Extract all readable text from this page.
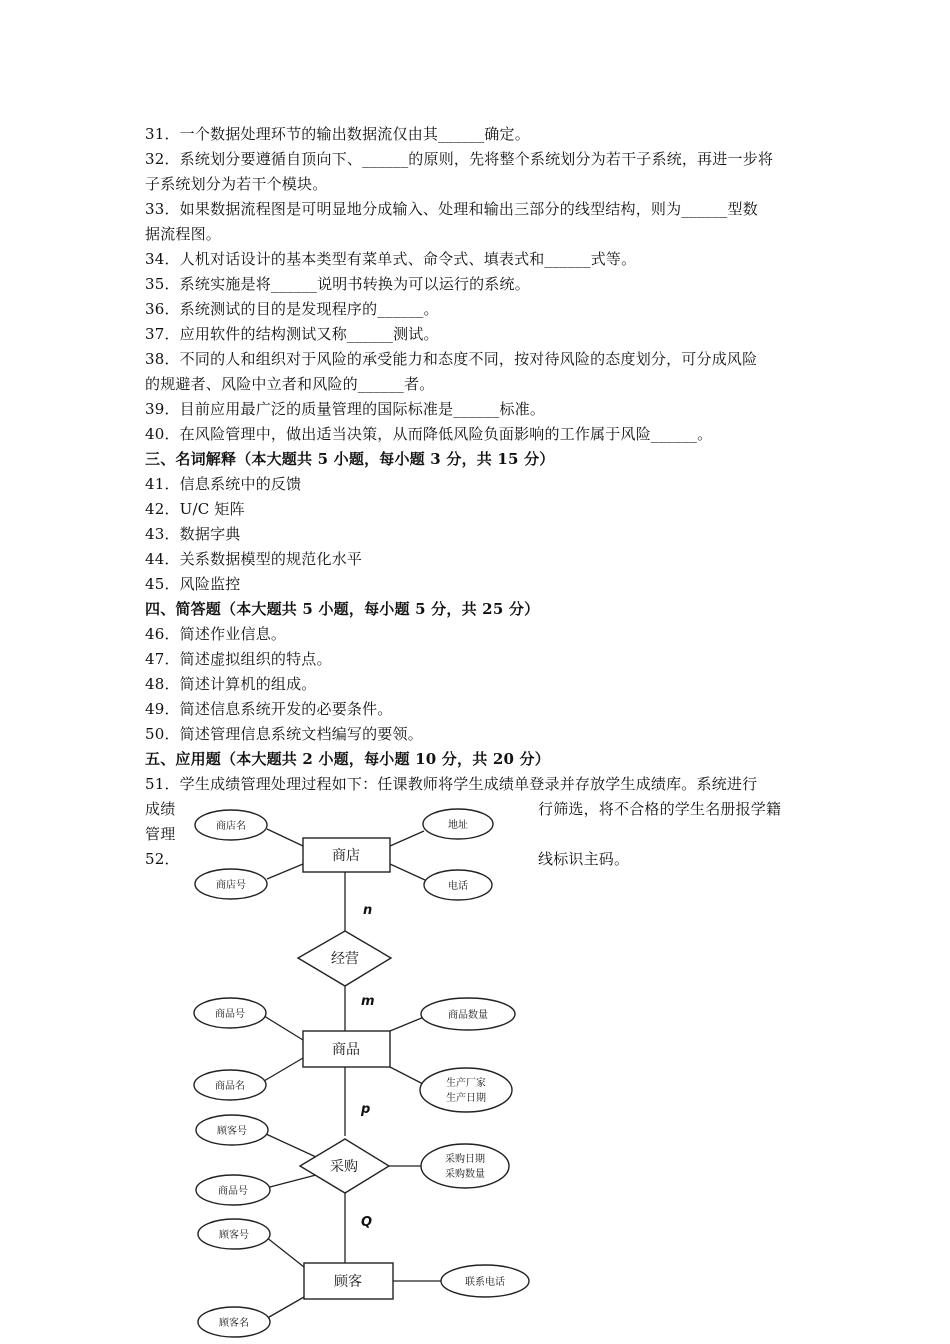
31．一个数据处理环节的输出数据流仅由其______确定。
32．系统划分要遵循自顶向下、______的原则，先将整个系统划分为若干子系统，再进一步将
子系统划分为若干个模块。
33．如果数据流程图是可明显地分成输入、处理和输出三部分的线型结构，则为______型数
据流程图。
34．人机对话设计的基本类型有菜单式、命令式、填表式和______式等。
35．系统实施是将______说明书转换为可以运行的系统。
36．系统测试的目的是发现程序的______。
37．应用软件的结构测试又称______测试。
38．不同的人和组织对于风险的承受能力和态度不同，按对待风险的态度划分，可分成风险
的规避者、风险中立者和风险的______者。
39．目前应用最广泛的质量管理的国际标准是______标准。
40．在风险管理中，做出适当决策，从而降低风险负面影响的工作属于风险______。
三、名词解释（本大题共 5 小题，每小题 3 分，共 15 分）
41．信息系统中的反馈
42．U/C 矩阵
43．数据字典
44．关系数据模型的规范化水平
45．风险监控
四、简答题（本大题共 5 小题，每小题 5 分，共 25 分）
46．简述作业信息。
47．简述虚拟组织的特点。
48．简述计算机的组成。
49．简述信息系统开发的必要条件。
50．简述管理信息系统文档编写的要领。
五、应用题（本大题共 2 小题，每小题 10 分，共 20 分）
51．学生成绩管理处理过程如下：任课教师将学生成绩单登录并存放学生成绩库。系统进行
成绩
管理
52．
行筛选，将不合格的学生名册报学籍
线标识主码。
商店
商品
顾客
经营
采购
商店名
商店号
地址
电话
商品号
商品名
商品数量
生产厂家
生产日期
顾客号
商品号
采购日期
采购数量
顾客号
顾客名
联系电话
n
m
p
Q
